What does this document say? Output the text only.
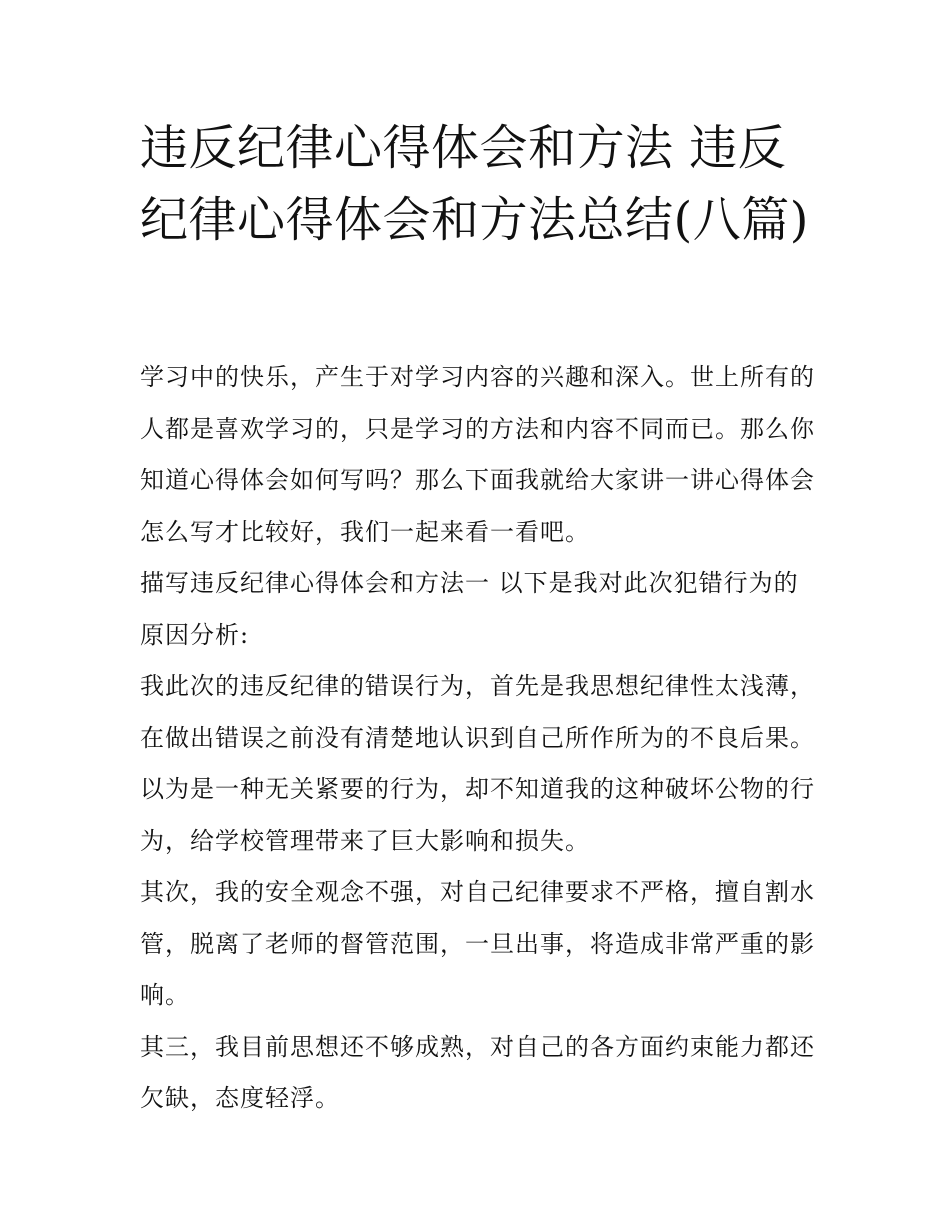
违反纪律心得体会和方法 违反纪律心得体会和方法总结(八篇)

学习中的快乐，产生于对学习内容的兴趣和深入。世上所有的人都是喜欢学习的，只是学习的方法和内容不同而已。那么你知道心得体会如何写吗？那么下面我就给大家讲一讲心得体会怎么写才比较好，我们一起来看一看吧。

描写违反纪律心得体会和方法一 以下是我对此次犯错行为的原因分析:

我此次的违反纪律的错误行为，首先是我思想纪律性太浅薄，在做出错误之前没有清楚地认识到自己所作所为的不良后果。以为是一种无关紧要的行为，却不知道我的这种破坏公物的行为，给学校管理带来了巨大影响和损失。

其次，我的安全观念不强，对自己纪律要求不严格，擅自割水管，脱离了老师的督管范围，一旦出事，将造成非常严重的影响。

其三，我目前思想还不够成熟，对自己的各方面约束能力都还欠缺，态度轻浮。
